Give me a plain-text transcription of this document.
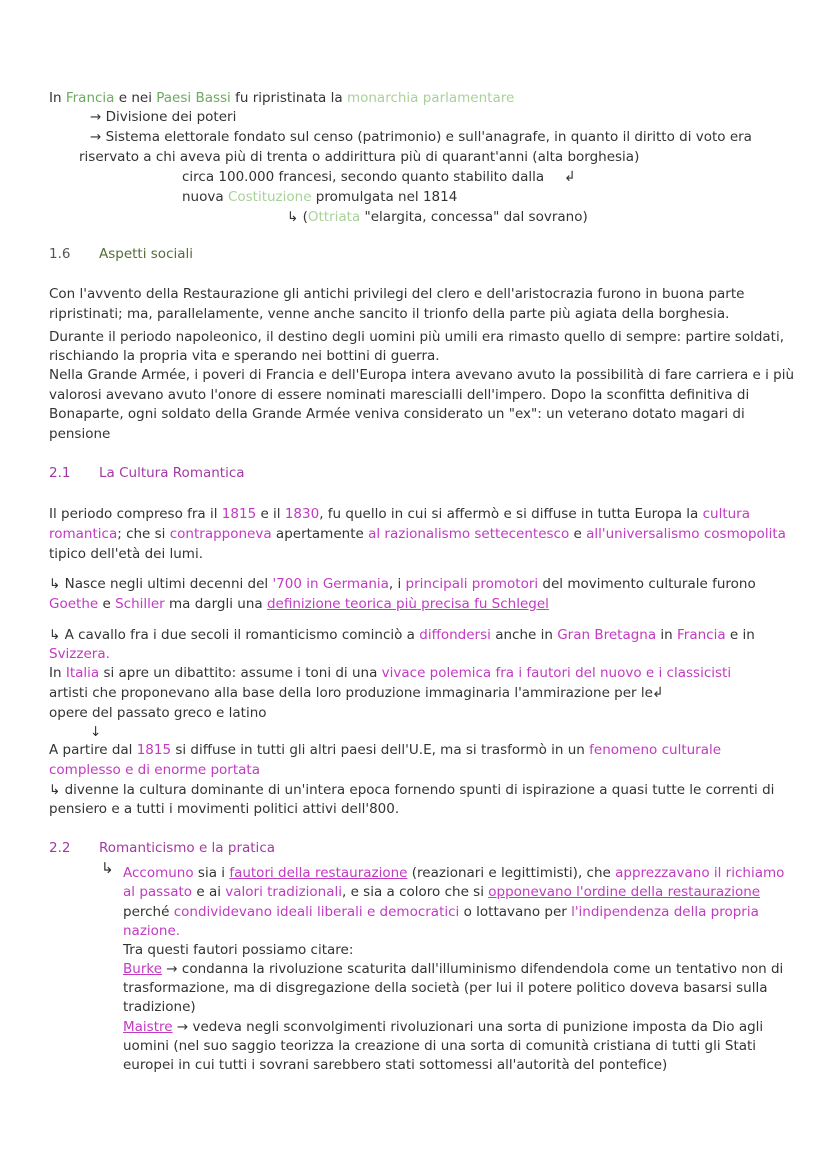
In Francia e nei Paesi Bassi fu ripristinata la monarchia parlamentare
→ Divisione dei poteri
→ Sistema elettorale fondato sul censo (patrimonio) e sull'anagrafe, in quanto il diritto di voto era
riservato a chi aveva più di trenta o addirittura più di quarant'anni (alta borghesia)
circa 100.000 francesi, secondo quanto stabilito dalla ↲
nuova Costituzione promulgata nel 1814
↳ (Ottriata "elargita, concessa" dal sovrano)
1.6 Aspetti sociali
Con l'avvento della Restaurazione gli antichi privilegi del clero e dell'aristocrazia furono in buona parte
ripristinati; ma, parallelamente, venne anche sancito il trionfo della parte più agiata della borghesia.
Durante il periodo napoleonico, il destino degli uomini più umili era rimasto quello di sempre: partire soldati,
rischiando la propria vita e sperando nei bottini di guerra.
Nella Grande Armée, i poveri di Francia e dell'Europa intera avevano avuto la possibilità di fare carriera e i più
valorosi avevano avuto l'onore di essere nominati marescialli dell'impero. Dopo la sconfitta definitiva di
Bonaparte, ogni soldato della Grande Armée veniva considerato un "ex": un veterano dotato magari di
pensione
2.1 La Cultura Romantica
Il periodo compreso fra il 1815 e il 1830, fu quello in cui si affermò e si diffuse in tutta Europa la cultura
romantica; che si contrapponeva apertamente al razionalismo settecentesco e all'universalismo cosmopolita
tipico dell'età dei lumi.
↳ Nasce negli ultimi decenni del '700 in Germania, i principali promotori del movimento culturale furono
Goethe e Schiller ma dargli una definizione teorica più precisa fu Schlegel
↳ A cavallo fra i due secoli il romanticismo cominciò a diffondersi anche in Gran Bretagna in Francia e in
Svizzera.
In Italia si apre un dibattito: assume i toni di una vivace polemica fra i fautori del nuovo e i classicisti
artisti che proponevano alla base della loro produzione immaginaria l'ammirazione per le ↲
opere del passato greco e latino
↓
A partire dal 1815 si diffuse in tutti gli altri paesi dell'U.E, ma si trasformò in un fenomeno culturale
complesso e di enorme portata
↳ divenne la cultura dominante di un'intera epoca fornendo spunti di ispirazione a quasi tutte le correnti di
pensiero e a tutti i movimenti politici attivi dell'800.
2.2 Romanticismo e la pratica
↳ Accomuno sia i fautori della restaurazione (reazionari e legittimisti), che apprezzavano il richiamo
al passato e ai valori tradizionali, e sia a coloro che si opponevano l'ordine della restaurazione
perché condividevano ideali liberali e democratici o lottavano per l'indipendenza della propria
nazione.
Tra questi fautori possiamo citare:
Burke → condanna la rivoluzione scaturita dall'illuminismo difendendola come un tentativo non di
trasformazione, ma di disgregazione della società (per lui il potere politico doveva basarsi sulla
tradizione)
Maistre → vedeva negli sconvolgimenti rivoluzionari una sorta di punizione imposta da Dio agli
uomini (nel suo saggio teorizza la creazione di una sorta di comunità cristiana di tutti gli Stati
europei in cui tutti i sovrani sarebbero stati sottomessi all'autorità del pontefice)
